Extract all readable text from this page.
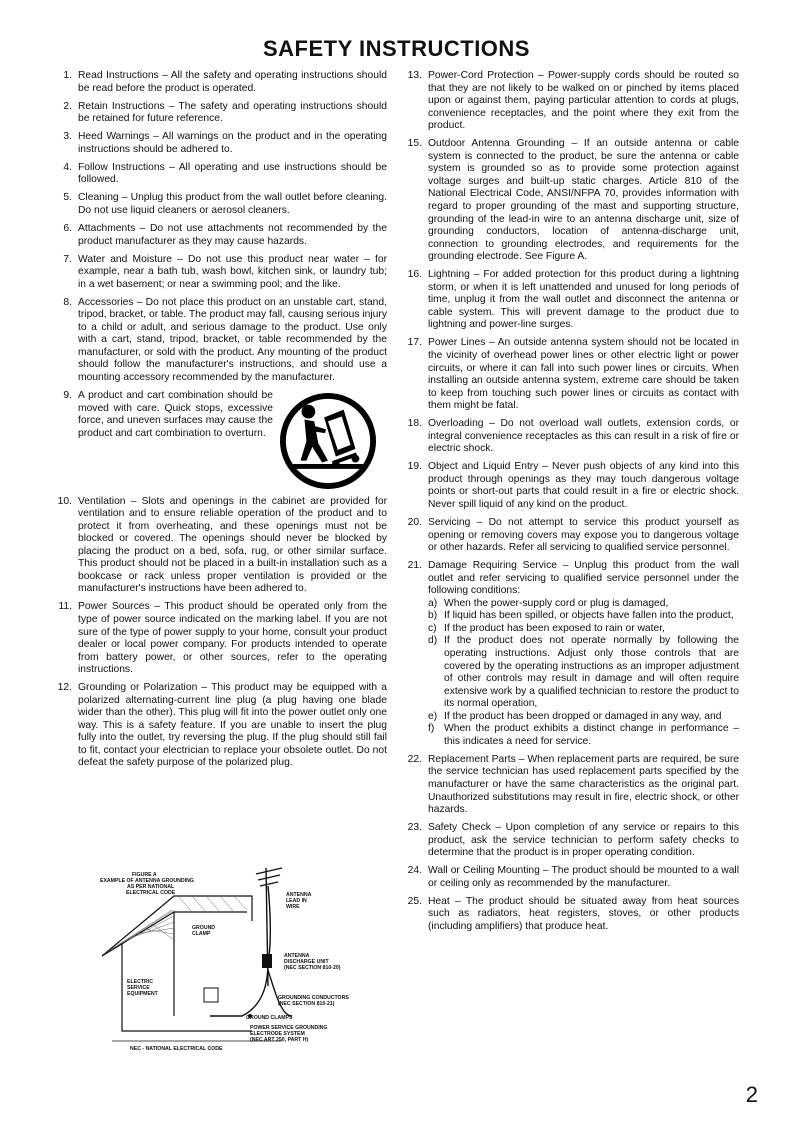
SAFETY INSTRUCTIONS
1. Read Instructions – All the safety and operating instructions should be read before the product is operated.
2. Retain Instructions – The safety and operating instructions should be retained for future reference.
3. Heed Warnings – All warnings on the product and in the operating instructions should be adhered to.
4. Follow Instructions – All operating and use instructions should be followed.
5. Cleaning – Unplug this product from the wall outlet before cleaning. Do not use liquid cleaners or aerosol cleaners.
6. Attachments – Do not use attachments not recommended by the product manufacturer as they may cause hazards.
7. Water and Moisture – Do not use this product near water – for example, near a bath tub, wash bowl, kitchen sink, or laundry tub; in a wet basement; or near a swimming pool; and the like.
8. Accessories – Do not place this product on an unstable cart, stand, tripod, bracket, or table. The product may fall, causing serious injury to a child or adult, and serious damage to the product. Use only with a cart, stand, tripod, bracket, or table recommended by the manufacturer, or sold with the product. Any mounting of the product should follow the manufacturer's instructions, and should use a mounting accessory recommended by the manufacturer.
9. A product and cart combination should be moved with care. Quick stops, excessive force, and uneven surfaces may cause the product and cart combination to overturn.
10. Ventilation – Slots and openings in the cabinet are provided for ventilation and to ensure reliable operation of the product and to protect it from overheating, and these openings must not be blocked or covered. The openings should never be blocked by placing the product on a bed, sofa, rug, or other similar surface. This product should not be placed in a built-in installation such as a bookcase or rack unless proper ventilation is provided or the manufacturer's instructions have been adhered to.
11. Power Sources – This product should be operated only from the type of power source indicated on the marking label. If you are not sure of the type of power supply to your home, consult your product dealer or local power company. For products intended to operate from battery power, or other sources, refer to the operating instructions.
12. Grounding or Polarization – This product may be equipped with a polarized alternating-current line plug (a plug having one blade wider than the other). This plug will fit into the power outlet only one way. This is a safety feature. If you are unable to insert the plug fully into the outlet, try reversing the plug. If the plug should still fail to fit, contact your electrician to replace your obsolete outlet. Do not defeat the safety purpose of the polarized plug.
13. Power-Cord Protection – Power-supply cords should be routed so that they are not likely to be walked on or pinched by items placed upon or against them, paying particular attention to cords at plugs, convenience receptacles, and the point where they exit from the product.
15. Outdoor Antenna Grounding – If an outside antenna or cable system is connected to the product, be sure the antenna or cable system is grounded so as to provide some protection against voltage surges and built-up static charges. Article 810 of the National Electrical Code, ANSI/NFPA 70, provides information with regard to proper grounding of the mast and supporting structure, grounding of the lead-in wire to an antenna discharge unit, size of grounding conductors, location of antenna-discharge unit, connection to grounding electrodes, and requirements for the grounding electrode. See Figure A.
16. Lightning – For added protection for this product during a lightning storm, or when it is left unattended and unused for long periods of time, unplug it from the wall outlet and disconnect the antenna or cable system. This will prevent damage to the product due to lightning and power-line surges.
17. Power Lines – An outside antenna system should not be located in the vicinity of overhead power lines or other electric light or power circuits, or where it can fall into such power lines or circuits. When installing an outside antenna system, extreme care should be taken to keep from touching such power lines or circuits as contact with them might be fatal.
18. Overloading – Do not overload wall outlets, extension cords, or integral convenience receptacles as this can result in a risk of fire or electric shock.
19. Object and Liquid Entry – Never push objects of any kind into this product through openings as they may touch dangerous voltage points or short-out parts that could result in a fire or electric shock. Never spill liquid of any kind on the product.
20. Servicing – Do not attempt to service this product yourself as opening or removing covers may expose you to dangerous voltage or other hazards. Refer all servicing to qualified service personnel.
21. Damage Requiring Service – Unplug this product from the wall outlet and refer servicing to qualified service personnel under the following conditions:
a) When the power-supply cord or plug is damaged,
b) If liquid has been spilled, or objects have fallen into the product,
c) If the product has been exposed to rain or water,
d) If the product does not operate normally by following the operating instructions. Adjust only those controls that are covered by the operating instructions as an improper adjustment of other controls may result in damage and will often require extensive work by a qualified technician to restore the product to its normal operation,
e) If the product has been dropped or damaged in any way, and
f) When the product exhibits a distinct change in performance – this indicates a need for service.
22. Replacement Parts – When replacement parts are required, be sure the service technician has used replacement parts specified by the manufacturer or have the same characteristics as the original part. Unauthorized substitutions may result in fire, electric shock, or other hazards.
23. Safety Check – Upon completion of any service or repairs to this product, ask the service technician to perform safety checks to determine that the product is in proper operating condition.
24. Wall or Ceiling Mounting – The product should be mounted to a wall or ceiling only as recommended by the manufacturer.
25. Heat – The product should be situated away from heat sources such as radiators, heat registers, stoves, or other products (including amplifiers) that produce heat.
FIGURE A EXAMPLE OF ANTENNA GROUNDING AS PER NATIONAL ELECTRICAL CODE	ANTENNA LEAD IN WIRE
GROUND CLAMP
ANTENNA DISCHARGE UNIT (NEC SECTION 810-20)
ELECTRIC SERVICE EQUIPMENT
GROUNDING CONDUCTORS (NEC SECTION 810-21)
GROUND CLAMPS
POWER SERVICE GROUNDING ELECTRODE SYSTEM (NEC ART 250, PART H)
NEC - NATIONAL ELECTRICAL CODE
2
